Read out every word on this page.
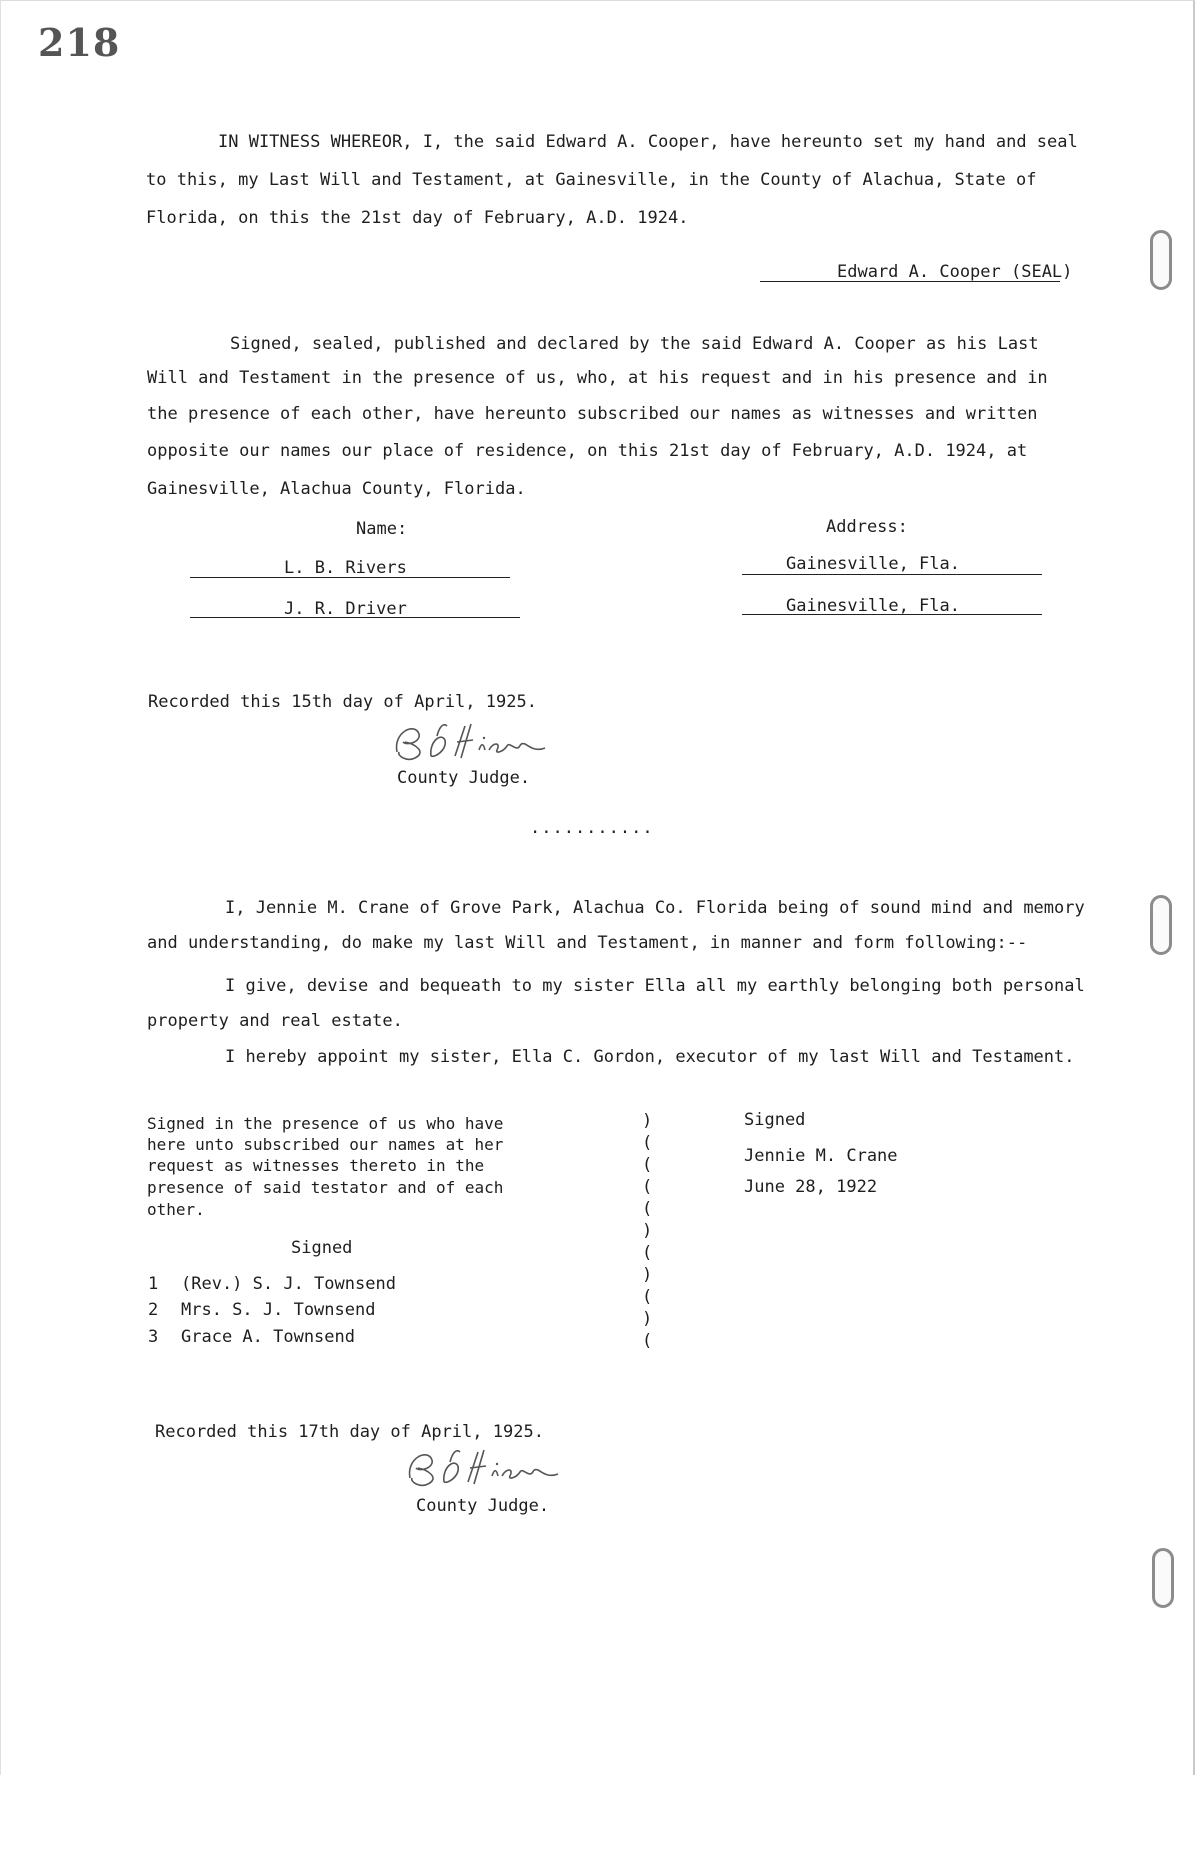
218
IN WITNESS WHEREOR, I, the said Edward A. Cooper, have hereunto set my hand and seal
to this, my Last Will and Testament, at Gainesville, in the County of Alachua, State of
Florida, on this the 21st day of February, A.D. 1924.
Edward A. Cooper (SEAL)
Signed, sealed, published and declared by the said Edward A. Cooper as his Last
Will and Testament in the presence of us, who, at his request and in his presence and in
the presence of each other, have hereunto subscribed our names as witnesses and written
opposite our names our place of residence, on this 21st day of February, A.D. 1924, at
Gainesville, Alachua County, Florida.
Name:	Address:
L. B. Rivers	Gainesville, Fla.
J. R. Driver	Gainesville, Fla.
Recorded this 15th day of April, 1925.
County Judge.
...........
I, Jennie M. Crane of Grove Park, Alachua Co. Florida being of sound mind and memory
and understanding, do make my last Will and Testament, in manner and form following:--
I give, devise and bequeath to my sister Ella all my earthly belonging both personal
property and real estate.
I hereby appoint my sister, Ella C. Gordon, executor of my last Will and Testament.
Signed in the presence of us who have
here unto subscribed our names at her
request as witnesses thereto in the
presence of said testator and of each
other.
Signed
1 (Rev.) S. J. Townsend
2 Mrs. S. J. Townsend
3 Grace A. Townsend
)
(
(
(
(
)
(
)
(
)
(
Signed
Jennie M. Crane
June 28, 1922
Recorded this 17th day of April, 1925.
County Judge.
